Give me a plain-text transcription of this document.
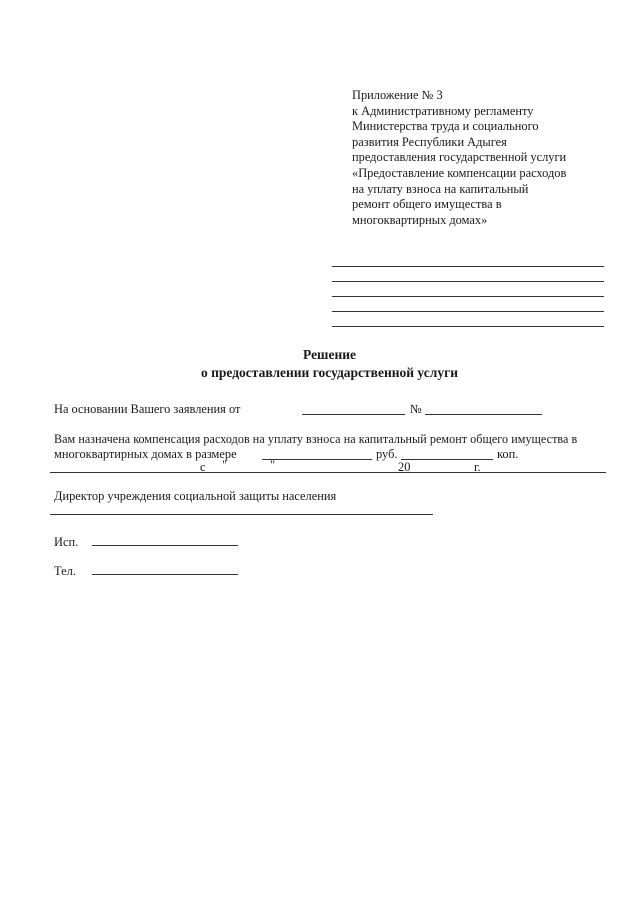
Приложение № 3
к Административному регламенту
Министерства труда и социального
развития Республики Адыгея
предоставления государственной услуги
«Предоставление компенсации расходов
на уплату взноса на капитальный
ремонт общего имущества в
многоквартирных домах»
Решение
о предоставлении государственной услуги
На основании Вашего заявления от	№
Вам назначена компенсация расходов на уплату взноса на капитальный ремонт общего имущества в
многоквартирных домах в размере	руб.	коп.
с "	"	20	г.
Директор учреждения социальной защиты населения
Исп.
Тел.
